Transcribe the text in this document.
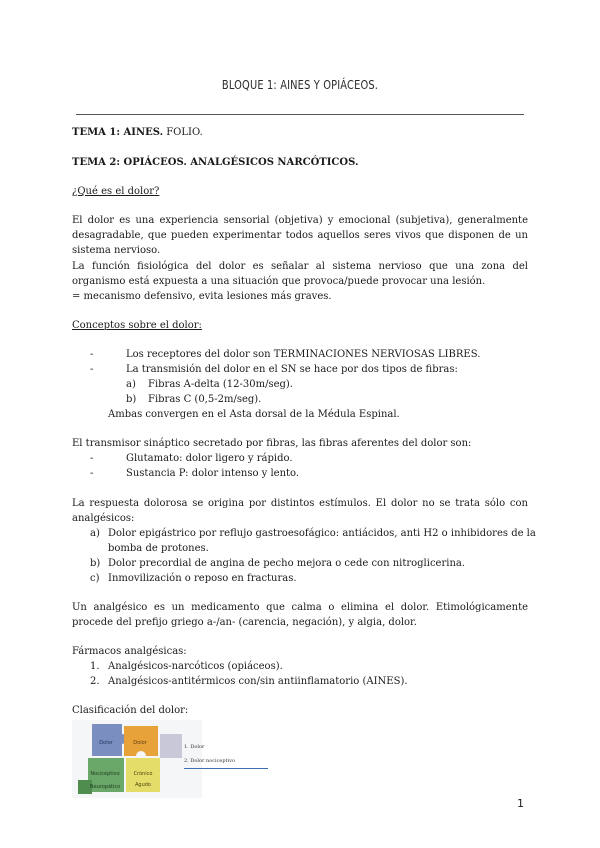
BLOQUE 1: AINES Y OPIÁCEOS.
TEMA 1: AINES. FOLIO.
TEMA 2: OPIÁCEOS. ANALGÉSICOS NARCÓTICOS.
¿Qué es el dolor?
El dolor es una experiencia sensorial (objetiva) y emocional (subjetiva), generalmente desagradable, que pueden experimentar todos aquellos seres vivos que disponen de un sistema nervioso.
La función fisiológica del dolor es señalar al sistema nervioso que una zona del organismo está expuesta a una situación que provoca/puede provocar una lesión.
= mecanismo defensivo, evita lesiones más graves.
Conceptos sobre el dolor:
-	Los receptores del dolor son TERMINACIONES NERVIOSAS LIBRES.
-	La transmisión del dolor en el SN se hace por dos tipos de fibras:
a) Fibras A-delta (12-30m/seg).
b) Fibras C (0,5-2m/seg).
Ambas convergen en el Asta dorsal de la Médula Espinal.
El transmisor sináptico secretado por fibras, las fibras aferentes del dolor son:
-	Glutamato: dolor ligero y rápido.
-	Sustancia P: dolor intenso y lento.
La respuesta dolorosa se origina por distintos estímulos. El dolor no se trata sólo con analgésicos:
a) Dolor epigástrico por reflujo gastroesofágico: antiácidos, anti H2 o inhibidores de la
bomba de protones.
b) Dolor precordial de angina de pecho mejora o cede con nitroglicerina.
c) Inmovilización o reposo en fracturas.
Un analgésico es un medicamento que calma o elimina el dolor. Etimológicamente procede del prefijo griego a-/an- (carencia, negación), y algia, dolor.
Fármacos analgésicas:
1. Analgésicos-narcóticos (opiáceos).
2. Analgésicos-antitérmicos con/sin antiinflamatorio (AINES).
Clasificación del dolor:
Dolor	Dolor
Nociceptivo	Crónico
Agudo
Neuropático
1. Dolor
2. Dolor nociceptivo
1
